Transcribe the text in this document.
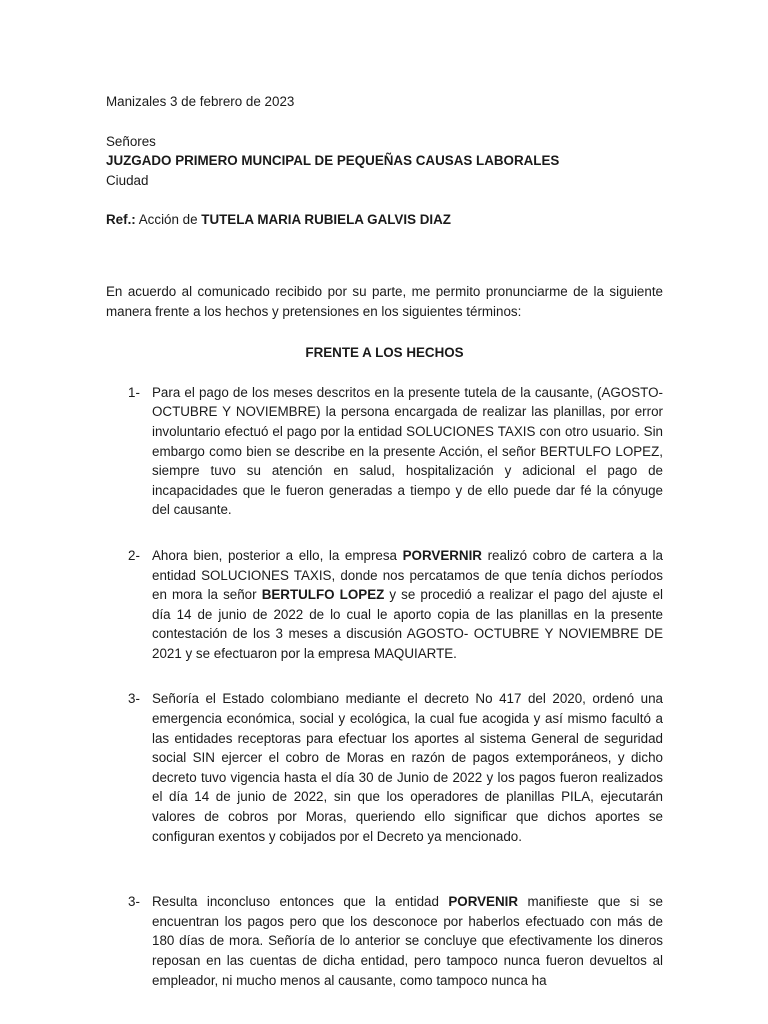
Manizales 3 de febrero de 2023
Señores
JUZGADO PRIMERO MUNCIPAL DE PEQUEÑAS CAUSAS LABORALES
Ciudad
Ref.: Acción de TUTELA MARIA RUBIELA GALVIS DIAZ
En acuerdo al comunicado recibido por su parte, me permito pronunciarme de la siguiente manera frente a los hechos y pretensiones en los siguientes términos:
FRENTE A LOS HECHOS
1- Para el pago de los meses descritos en la presente tutela de la causante, (AGOSTO-OCTUBRE Y NOVIEMBRE) la persona encargada de realizar las planillas, por error involuntario efectuó el pago por la entidad SOLUCIONES TAXIS con otro usuario. Sin embargo como bien se describe en la presente Acción, el señor BERTULFO LOPEZ, siempre tuvo su atención en salud, hospitalización y adicional el pago de incapacidades que le fueron generadas a tiempo y de ello puede dar fé la cónyuge del causante.
2- Ahora bien, posterior a ello, la empresa PORVERNIR realizó cobro de cartera a la entidad SOLUCIONES TAXIS, donde nos percatamos de que tenía dichos períodos en mora la señor BERTULFO LOPEZ y se procedió a realizar el pago del ajuste el día 14 de junio de 2022 de lo cual le aporto copia de las planillas en la presente contestación de los 3 meses a discusión AGOSTO- OCTUBRE Y NOVIEMBRE DE 2021 y se efectuaron por la empresa MAQUIARTE.
3- Señoría el Estado colombiano mediante el decreto No 417 del 2020, ordenó una emergencia económica, social y ecológica, la cual fue acogida y así mismo facultó a las entidades receptoras para efectuar los aportes al sistema General de seguridad social SIN ejercer el cobro de Moras en razón de pagos extemporáneos, y dicho decreto tuvo vigencia hasta el día 30 de Junio de 2022 y los pagos fueron realizados el día 14 de junio de 2022, sin que los operadores de planillas PILA, ejecutarán valores de cobros por Moras, queriendo ello significar que dichos aportes se configuran exentos y cobijados por el Decreto ya mencionado.
3- Resulta inconcluso entonces que la entidad PORVENIR manifieste que si se encuentran los pagos pero que los desconoce por haberlos efectuado con más de 180 días de mora. Señoría de lo anterior se concluye que efectivamente los dineros reposan en las cuentas de dicha entidad, pero tampoco nunca fueron devueltos al empleador, ni mucho menos al causante, como tampoco nunca ha
